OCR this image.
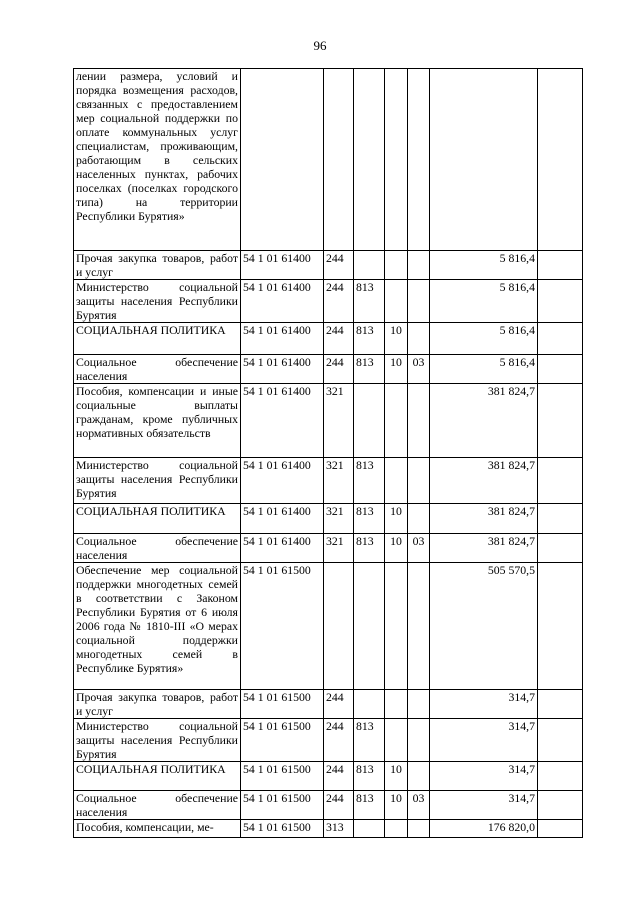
96
лении размера, условий и порядка возмещения расходов, связанных с предоставлением мер социальной поддержки по оплате коммунальных услуг специалистам, проживающим, работающим в сельских населенных пунктах, рабочих поселках (поселках городского типа) на территории Республики Бурятия»							
Прочая закупка товаров, работ и услуг	54 1 01 61400	244				5 816,4	
Министерство социальной защиты населения Республики Бурятия	54 1 01 61400	244	813			5 816,4	
СОЦИАЛЬНАЯ ПОЛИТИКА	54 1 01 61400	244	813	10		5 816,4	
Социальное обеспечение населения	54 1 01 61400	244	813	10	03	5 816,4	
Пособия, компенсации и иные социальные выплаты гражданам, кроме публичных нормативных обязательств	54 1 01 61400	321				381 824,7	
Министерство социальной защиты населения Республики Бурятия	54 1 01 61400	321	813			381 824,7	
СОЦИАЛЬНАЯ ПОЛИТИКА	54 1 01 61400	321	813	10		381 824,7	
Социальное обеспечение населения	54 1 01 61400	321	813	10	03	381 824,7	
Обеспечение мер социальной поддержки многодетных семей в соответствии с Законом Республики Бурятия от 6 июля 2006 года № 1810-III «О мерах социальной поддержки многодетных семей в Республике Бурятия»	54 1 01 61500					505 570,5	
Прочая закупка товаров, работ и услуг	54 1 01 61500	244				314,7	
Министерство социальной защиты населения Республики Бурятия	54 1 01 61500	244	813			314,7	
СОЦИАЛЬНАЯ ПОЛИТИКА	54 1 01 61500	244	813	10		314,7	
Социальное обеспечение населения	54 1 01 61500	244	813	10	03	314,7	
Пособия, компенсации, ме-	54 1 01 61500	313				176 820,0	
